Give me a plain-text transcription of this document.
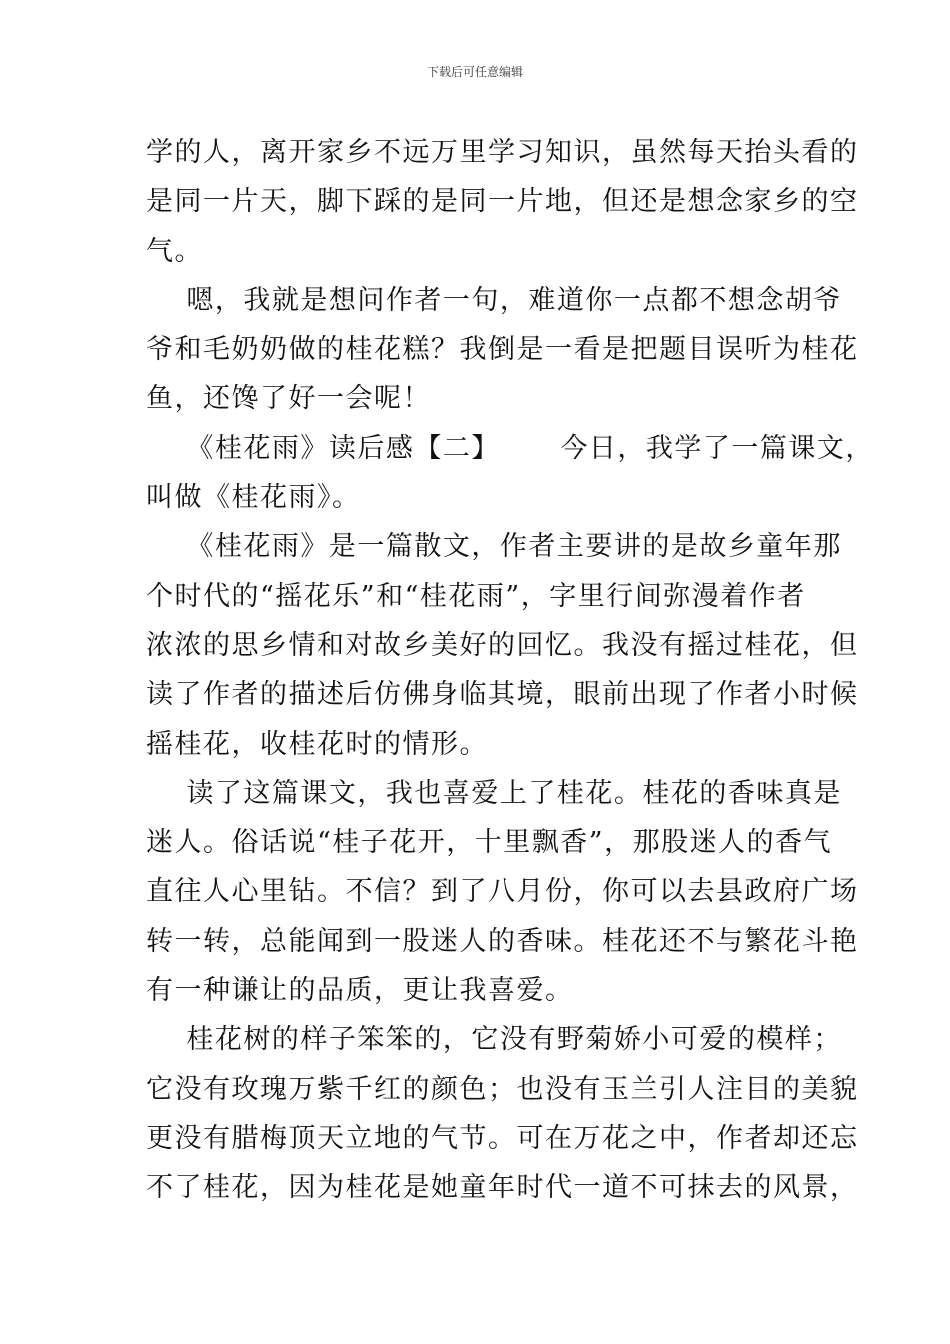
下载后可任意编辑
学的人，离开家乡不远万里学习知识，虽然每天抬头看的
是同一片天，脚下踩的是同一片地，但还是想念家乡的空
气。
嗯，我就是想问作者一句，难道你一点都不想念胡爷
爷和毛奶奶做的桂花糕？我倒是一看是把题目误听为桂花
鱼，还馋了好一会呢！
《桂花雨》读后感【二】      今日，我学了一篇课文，
叫做《桂花雨》。
《桂花雨》是一篇散文，作者主要讲的是故乡童年那
个时代的“摇花乐”和“桂花雨”，字里行间弥漫着作者
浓浓的思乡情和对故乡美好的回忆。我没有摇过桂花，但
读了作者的描述后仿佛身临其境，眼前出现了作者小时候
摇桂花，收桂花时的情形。
读了这篇课文，我也喜爱上了桂花。桂花的香味真是
迷人。俗话说“桂子花开，十里飘香”，那股迷人的香气
直往人心里钻。不信？到了八月份，你可以去县政府广场
转一转，总能闻到一股迷人的香味。桂花还不与繁花斗艳
有一种谦让的品质，更让我喜爱。
桂花树的样子笨笨的，它没有野菊娇小可爱的模样；
它没有玫瑰万紫千红的颜色；也没有玉兰引人注目的美貌
更没有腊梅顶天立地的气节。可在万花之中，作者却还忘
不了桂花，因为桂花是她童年时代一道不可抹去的风景，
